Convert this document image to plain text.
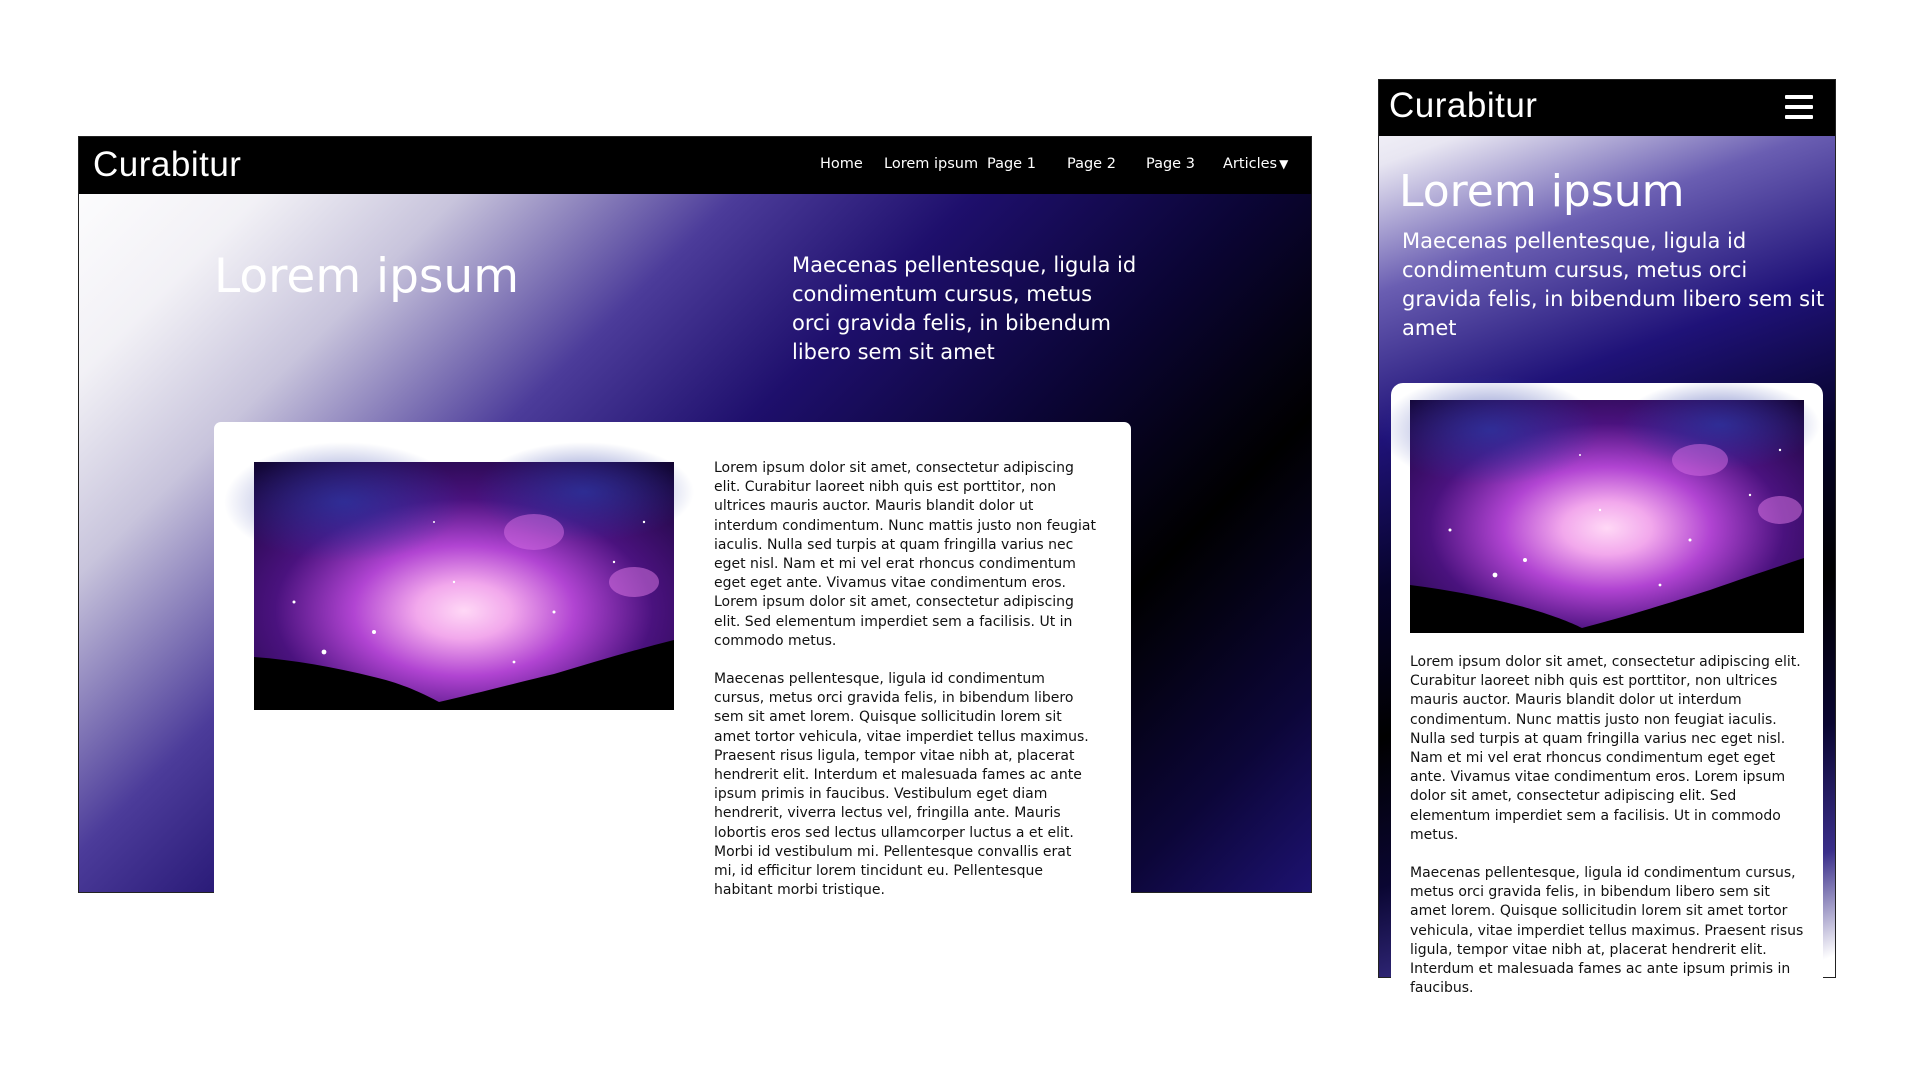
Curabitur	Home Lorem ipsum Page 1 Page 2 Page 3 Articles ▼
Lorem ipsum	Maecenas pellentesque, ligula id condimentum cursus, metus orci gravida felis, in bibendum libero sem sit amet

Lorem ipsum dolor sit amet, consectetur adipiscing elit. Curabitur laoreet nibh quis est porttitor, non ultrices mauris auctor. Mauris blandit dolor ut interdum condimentum. Nunc mattis justo non feugiat iaculis. Nulla sed turpis at quam fringilla varius nec eget nisl. Nam et mi vel erat rhoncus condimentum eget eget ante. Vivamus vitae condimentum eros. Lorem ipsum dolor sit amet, consectetur adipiscing elit. Sed elementum imperdiet sem a facilisis. Ut in commodo metus.

Maecenas pellentesque, ligula id condimentum cursus, metus orci gravida felis, in bibendum libero sem sit amet lorem. Quisque sollicitudin lorem sit amet tortor vehicula, vitae imperdiet tellus maximus. Praesent risus ligula, tempor vitae nibh at, placerat hendrerit elit. Interdum et malesuada fames ac ante ipsum primis in faucibus. Vestibulum eget diam hendrerit, viverra lectus vel, fringilla ante. Mauris lobortis eros sed lectus ullamcorper luctus a et elit. Morbi id vestibulum mi. Pellentesque convallis erat mi, id efficitur lorem tincidunt eu. Pellentesque habitant morbi tristique.

Curabitur
Lorem ipsum
Maecenas pellentesque, ligula id condimentum cursus, metus orci gravida felis, in bibendum libero sem sit amet

Lorem ipsum dolor sit amet, consectetur adipiscing elit. Curabitur laoreet nibh quis est porttitor, non ultrices mauris auctor. Mauris blandit dolor ut interdum condimentum. Nunc mattis justo non feugiat iaculis. Nulla sed turpis at quam fringilla varius nec eget nisl. Nam et mi vel erat rhoncus condimentum eget eget ante. Vivamus vitae condimentum eros. Lorem ipsum dolor sit amet, consectetur adipiscing elit. Sed elementum imperdiet sem a facilisis. Ut in commodo metus.

Maecenas pellentesque, ligula id condimentum cursus, metus orci gravida felis, in bibendum libero sem sit amet lorem. Quisque sollicitudin lorem sit amet tortor vehicula, vitae imperdiet tellus maximus. Praesent risus ligula, tempor vitae nibh at, placerat hendrerit elit. Interdum et malesuada fames ac ante ipsum primis in faucibus.
